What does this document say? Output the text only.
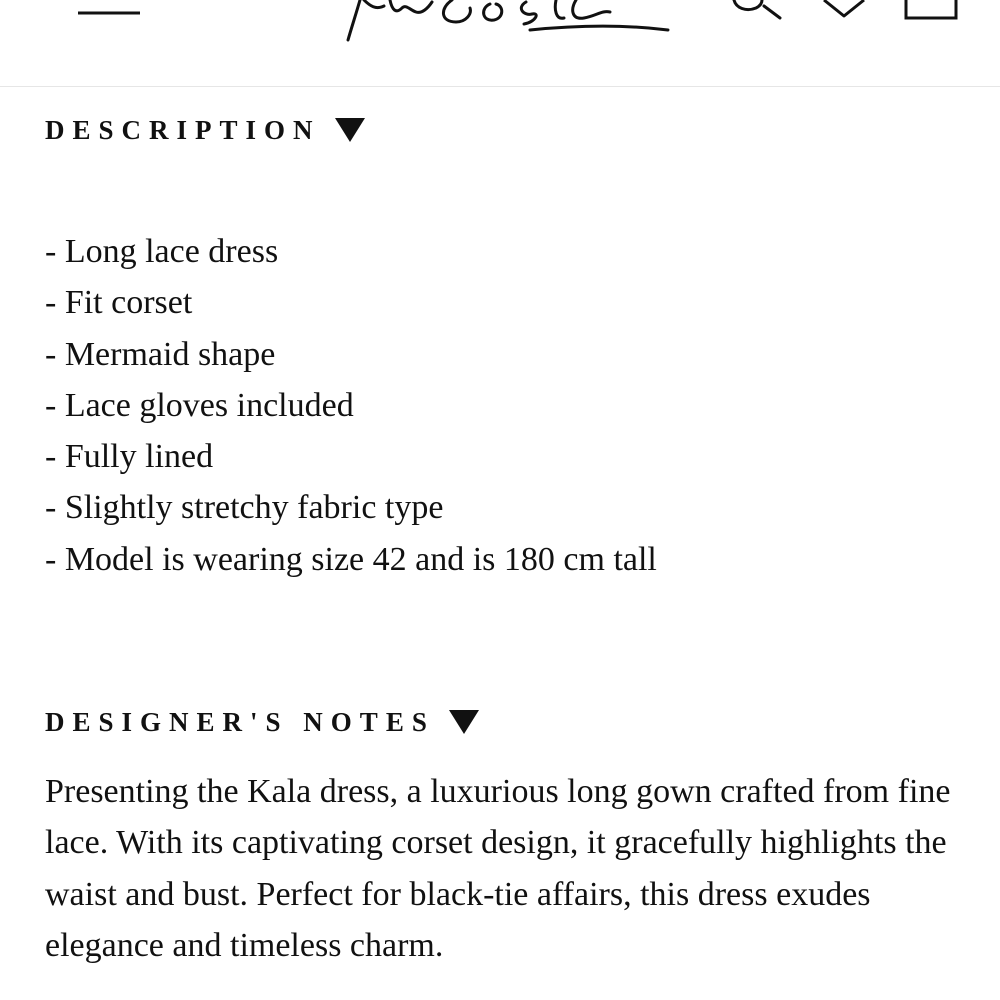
DESCRIPTION
- Long lace dress
- Fit corset
- Mermaid shape
- Lace gloves included
- Fully lined
- Slightly stretchy fabric type
- Model is wearing size 42 and is 180 cm tall
DESIGNER'S NOTES

Presenting the Kala dress, a luxurious long gown crafted from fine lace. With its captivating corset design, it gracefully highlights the waist and bust. Perfect for black-tie affairs, this dress exudes elegance and timeless charm.
